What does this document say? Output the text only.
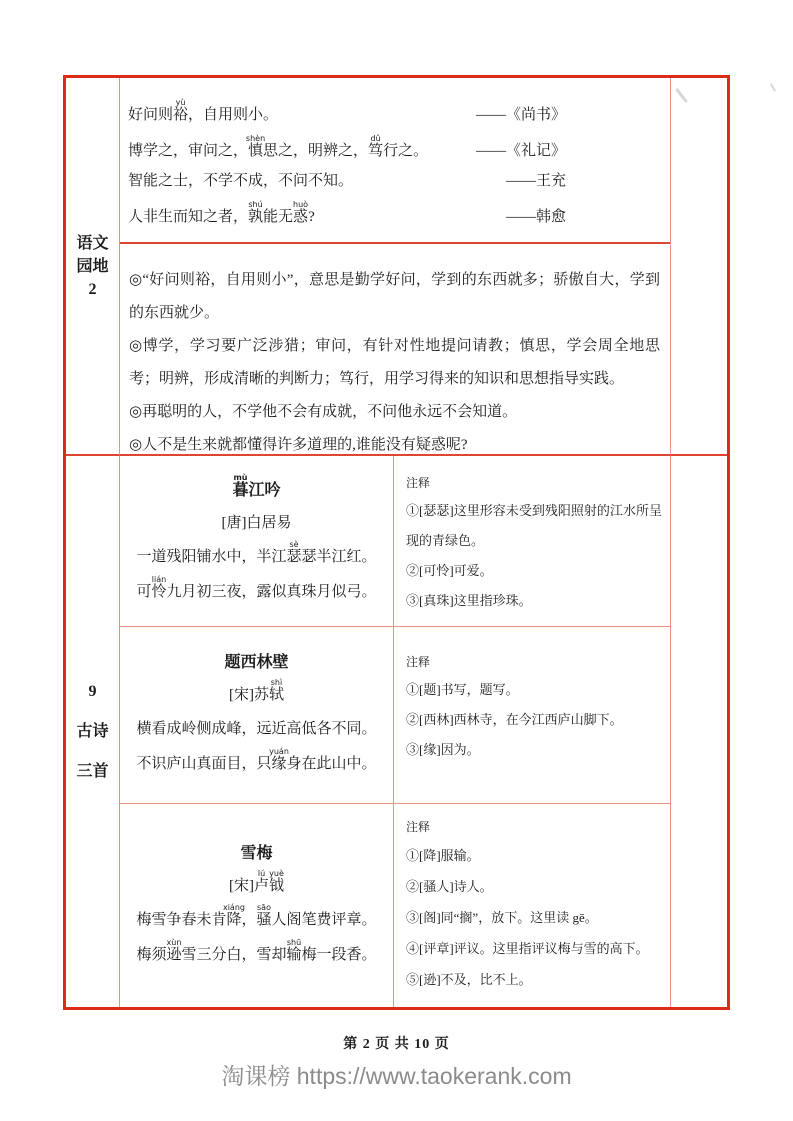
语文
园地
2
好问则裕yù，自用则小。	——《尚书》
博学之，审问之，慎shèn思之，明辨之，笃dǔ行之。	——《礼记》
智能之士，不学不成，不问不知。	——王充
人非生而知之者，孰shú能无惑huò?	——韩愈

◎“好问则裕，自用则小”，意思是勤学好问，学到的东西就多；骄傲自大，学到的东西就少。

◎博学，学习要广泛涉猎；审问，有针对性地提问请教；慎思，学会周全地思考；明辨，形成清晰的判断力；笃行，用学习得来的知识和思想指导实践。

◎再聪明的人，不学他不会有成就，不问他永远不会知道。

◎人不是生来就都懂得许多道理的,谁能没有疑惑呢?

9
古诗
三首
暮mù江吟
[唐]白居易
一道残阳铺水中，半江瑟sè瑟半江红。
可怜lián九月初三夜，露似真珠月似弓。
注释
①[瑟瑟]这里形容未受到残阳照射的江水所呈现的青绿色。
②[可怜]可爱。
③[真珠]这里指珍珠。
题西林壁
[宋]苏轼shì
横看成岭侧成峰，远近高低各不同。
不识庐山真面目，只缘yuán身在此山中。
注释
①[题]书写，题写。
②[西林]西林寺，在今江西庐山脚下。
③[缘]因为。
雪梅
[宋]卢lú钺yuè
梅雪争春未肯降xiáng，骚sāo人阁笔费评章。
梅须逊xùn雪三分白，雪却输shū梅一段香。
注释
①[降]服输。
②[骚人]诗人。
③[阁]同“搁”，放下。这里读 gē。
④[评章]评议。这里指评议梅与雪的高下。
⑤[逊]不及，比不上。
第 2 页 共 10 页
淘课榜 https://www.taokerank.com
